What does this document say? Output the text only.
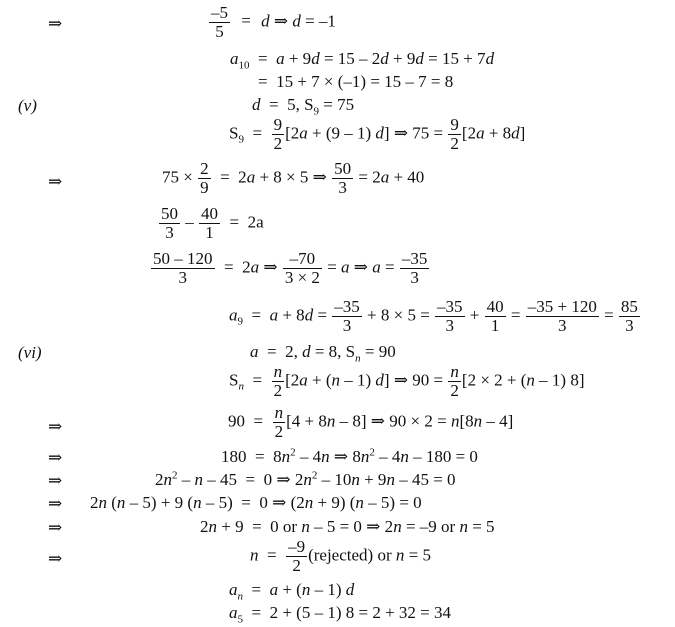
⇒	$\frac{-5}{5} = d$ ⇒ d = –1
$a_{10} = a + 9d = 15 - 2d + 9d = 15 + 7d$
=  15 + 7 × (–1) = 15 – 7 = 8
(v)	d  =  5, $S_9 = 75$
$S_9 = \frac{9}{2} [2a + (9 - 1)$ d] ⇒ $75 = \frac{9}{2} [2a + 8d]$
⇒	$75 \times \frac{2}{9} = 2a + 8 \times 5$ ⇒ $\frac{50}{3} = 2a + 40$
$\frac{50}{3} - \frac{40}{1} = 2a$
$\frac{50 - 120}{3} = 2a$ ⇒ $\frac{-70}{3 \times 2} = a$ ⇒ $a = \frac{-35}{3}$
$a_9 = a + 8d = \frac{-35}{3} + 8 \times 5 = \frac{-35}{3} + \frac{40}{1} = \frac{-35 + 120}{3} = \frac{85}{3}$
(vi)	a  =  2, d = 8, $S_n = 90$
$S_n = \frac{n}{2} [2a + (n - 1)$ d] ⇒ $90 = \frac{n}{2} [2 \times 2 + (n - 1)$ 8]
⇒	$90 = \frac{n}{2} [4 + 8n - 8]$ ⇒ 90 × 2 = n[8n – 4]
⇒	$180 = 8n^2 - 4n$ ⇒ $8n^2 - 4n - 180 = 0$
⇒	$2n^2 - n - 45 = 0$ ⇒ $2n^2 - 10n + 9n - 45 = 0$
⇒ 2n (n – 5) + 9 (n – 5)  =  0 ⇒ (2n + 9) (n – 5) = 0
⇒	2n + 9  =  0 or n – 5 = 0 ⇒ 2n = –9 or n = 5
⇒	$n = \frac{-9}{2}$ (rejected) or n = 5
$a_n = a + (n - 1)$ d
$a_5 = 2 + (5 - 1) 8 = 2 + 32 = 34$
